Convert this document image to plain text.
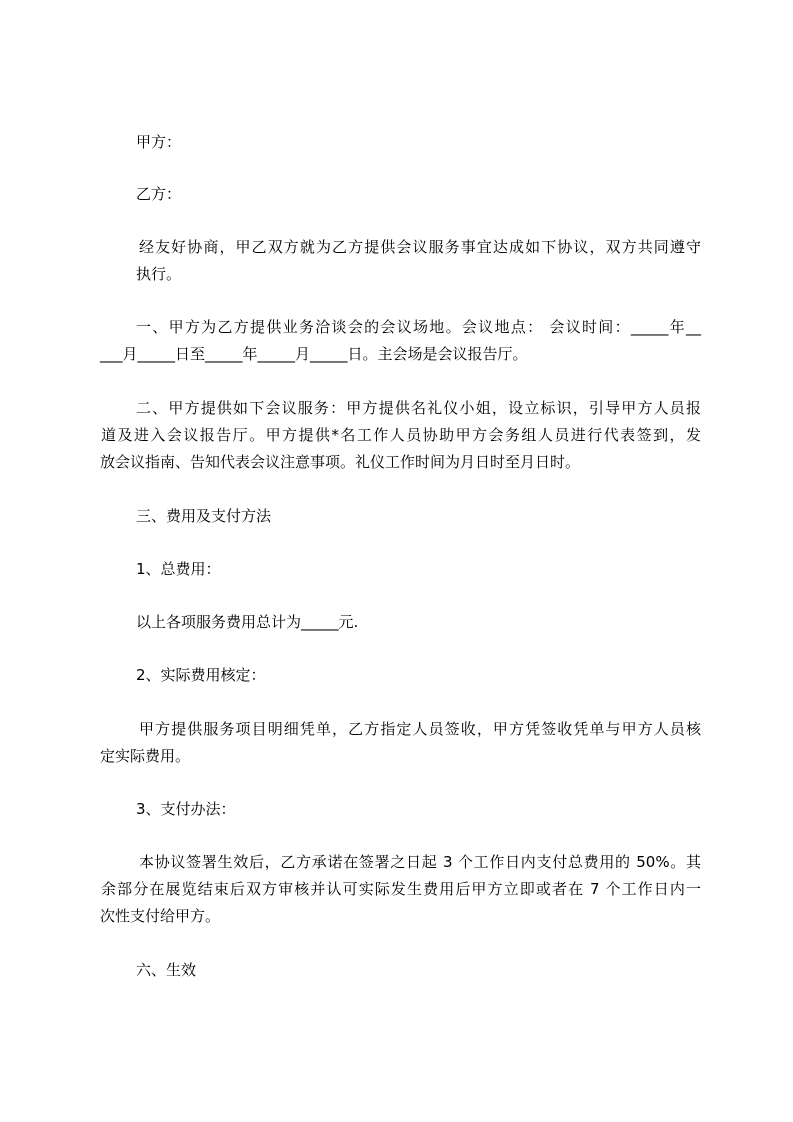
甲方：
乙方：
经友好协商，甲乙双方就为乙方提供会议服务事宜达成如下协议，双方共同遵守
执行。
一、甲方为乙方提供业务洽谈会的会议场地。会议地点： 会议时间：_____年__
___月_____日至_____年_____月_____日。主会场是会议报告厅。
二、甲方提供如下会议服务：甲方提供名礼仪小姐，设立标识，引导甲方人员报
道及进入会议报告厅。甲方提供*名工作人员协助甲方会务组人员进行代表签到，发
放会议指南、告知代表会议注意事项。礼仪工作时间为月日时至月日时。
三、费用及支付方法
1、总费用：
以上各项服务费用总计为_____元.
2、实际费用核定：
甲方提供服务项目明细凭单，乙方指定人员签收，甲方凭签收凭单与甲方人员核
定实际费用。
3、支付办法：
本协议签署生效后，乙方承诺在签署之日起 3 个工作日内支付总费用的 50%。其
余部分在展览结束后双方审核并认可实际发生费用后甲方立即或者在 7 个工作日内一
次性支付给甲方。
六、生效
